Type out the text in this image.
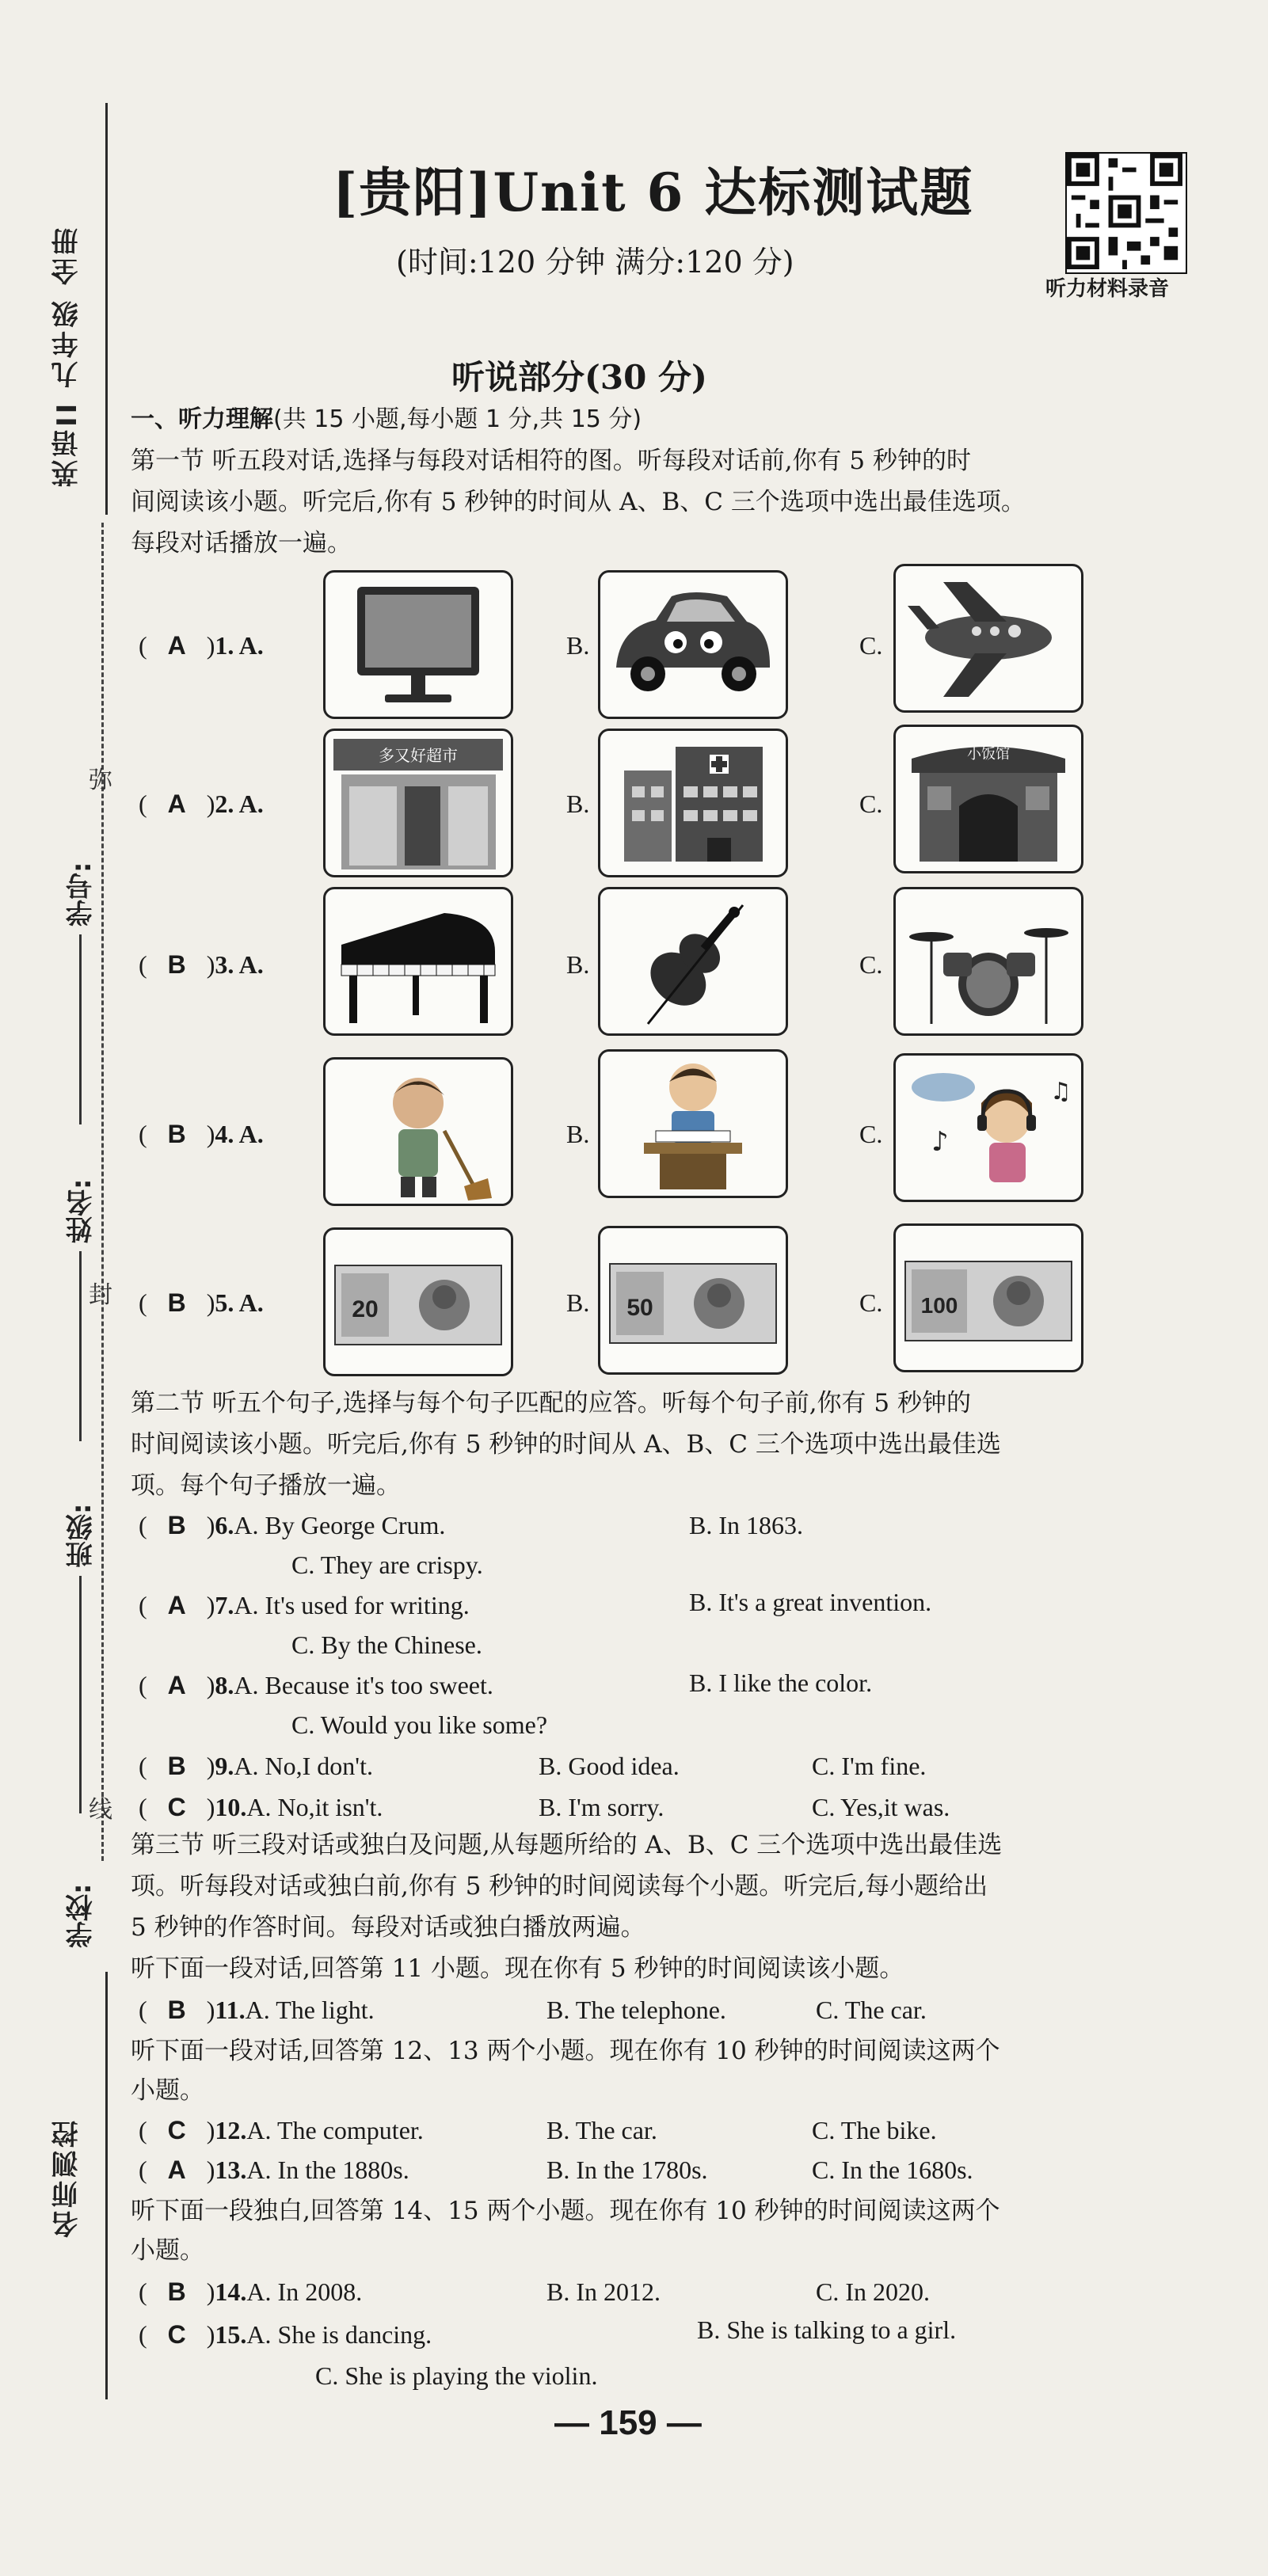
英语II 九年级 全册
学号:
姓名:
班级:
学校:
弥
封
线
名师测控
[贵阳]Unit 6 达标测试题
(时间:120 分钟 满分:120 分)
听力材料录音
听说部分(30 分)
一、听力理解(共 15 小题,每小题 1 分,共 15 分)
第一节 听五段对话,选择与每段对话相符的图。听每段对话前,你有 5 秒钟的时
间阅读该小题。听完后,你有 5 秒钟的时间从 A、B、C 三个选项中选出最佳选项。
每段对话播放一遍。
( A )1. A.	B.	C.
( A )2. A.
多又好超市
B.	C.
小饭馆
( B )3. A.	B.	C.
( B )4. A.	B.	C. ♪
♫
( B )5. A.	20	B. 50	C. 100
第二节 听五个句子,选择与每个句子匹配的应答。听每个句子前,你有 5 秒钟的
时间阅读该小题。听完后,你有 5 秒钟的时间从 A、B、C 三个选项中选出最佳选
项。每个句子播放一遍。
( B )6.A. By George Crum.	B. In 1863.
C. They are crispy.
( A )7.A. It's used for writing.	B. It's a great invention.
C. By the Chinese.
( A )8.A. Because it's too sweet.	B. I like the color.
C. Would you like some?
( B )9.A. No,I don't.	B. Good idea.	C. I'm fine.
( C )10.A. No,it isn't.	B. I'm sorry.	C. Yes,it was.
第三节 听三段对话或独白及问题,从每题所给的 A、B、C 三个选项中选出最佳选
项。听每段对话或独白前,你有 5 秒钟的时间阅读每个小题。听完后,每小题给出
5 秒钟的作答时间。每段对话或独白播放两遍。
听下面一段对话,回答第 11 小题。现在你有 5 秒钟的时间阅读该小题。
( B )11.A. The light.	B. The telephone.	C. The car.
听下面一段对话,回答第 12、13 两个小题。现在你有 10 秒钟的时间阅读这两个
小题。
( C )12.A. The computer.	B. The car.	C. The bike.
( A )13.A. In the 1880s.	B. In the 1780s.	C. In the 1680s.
听下面一段独白,回答第 14、15 两个小题。现在你有 10 秒钟的时间阅读这两个
小题。
( B )14.A. In 2008.	B. In 2012.	C. In 2020.
( C )15.A. She is dancing.	B. She is talking to a girl.
C. She is playing the violin.
— 159 —
